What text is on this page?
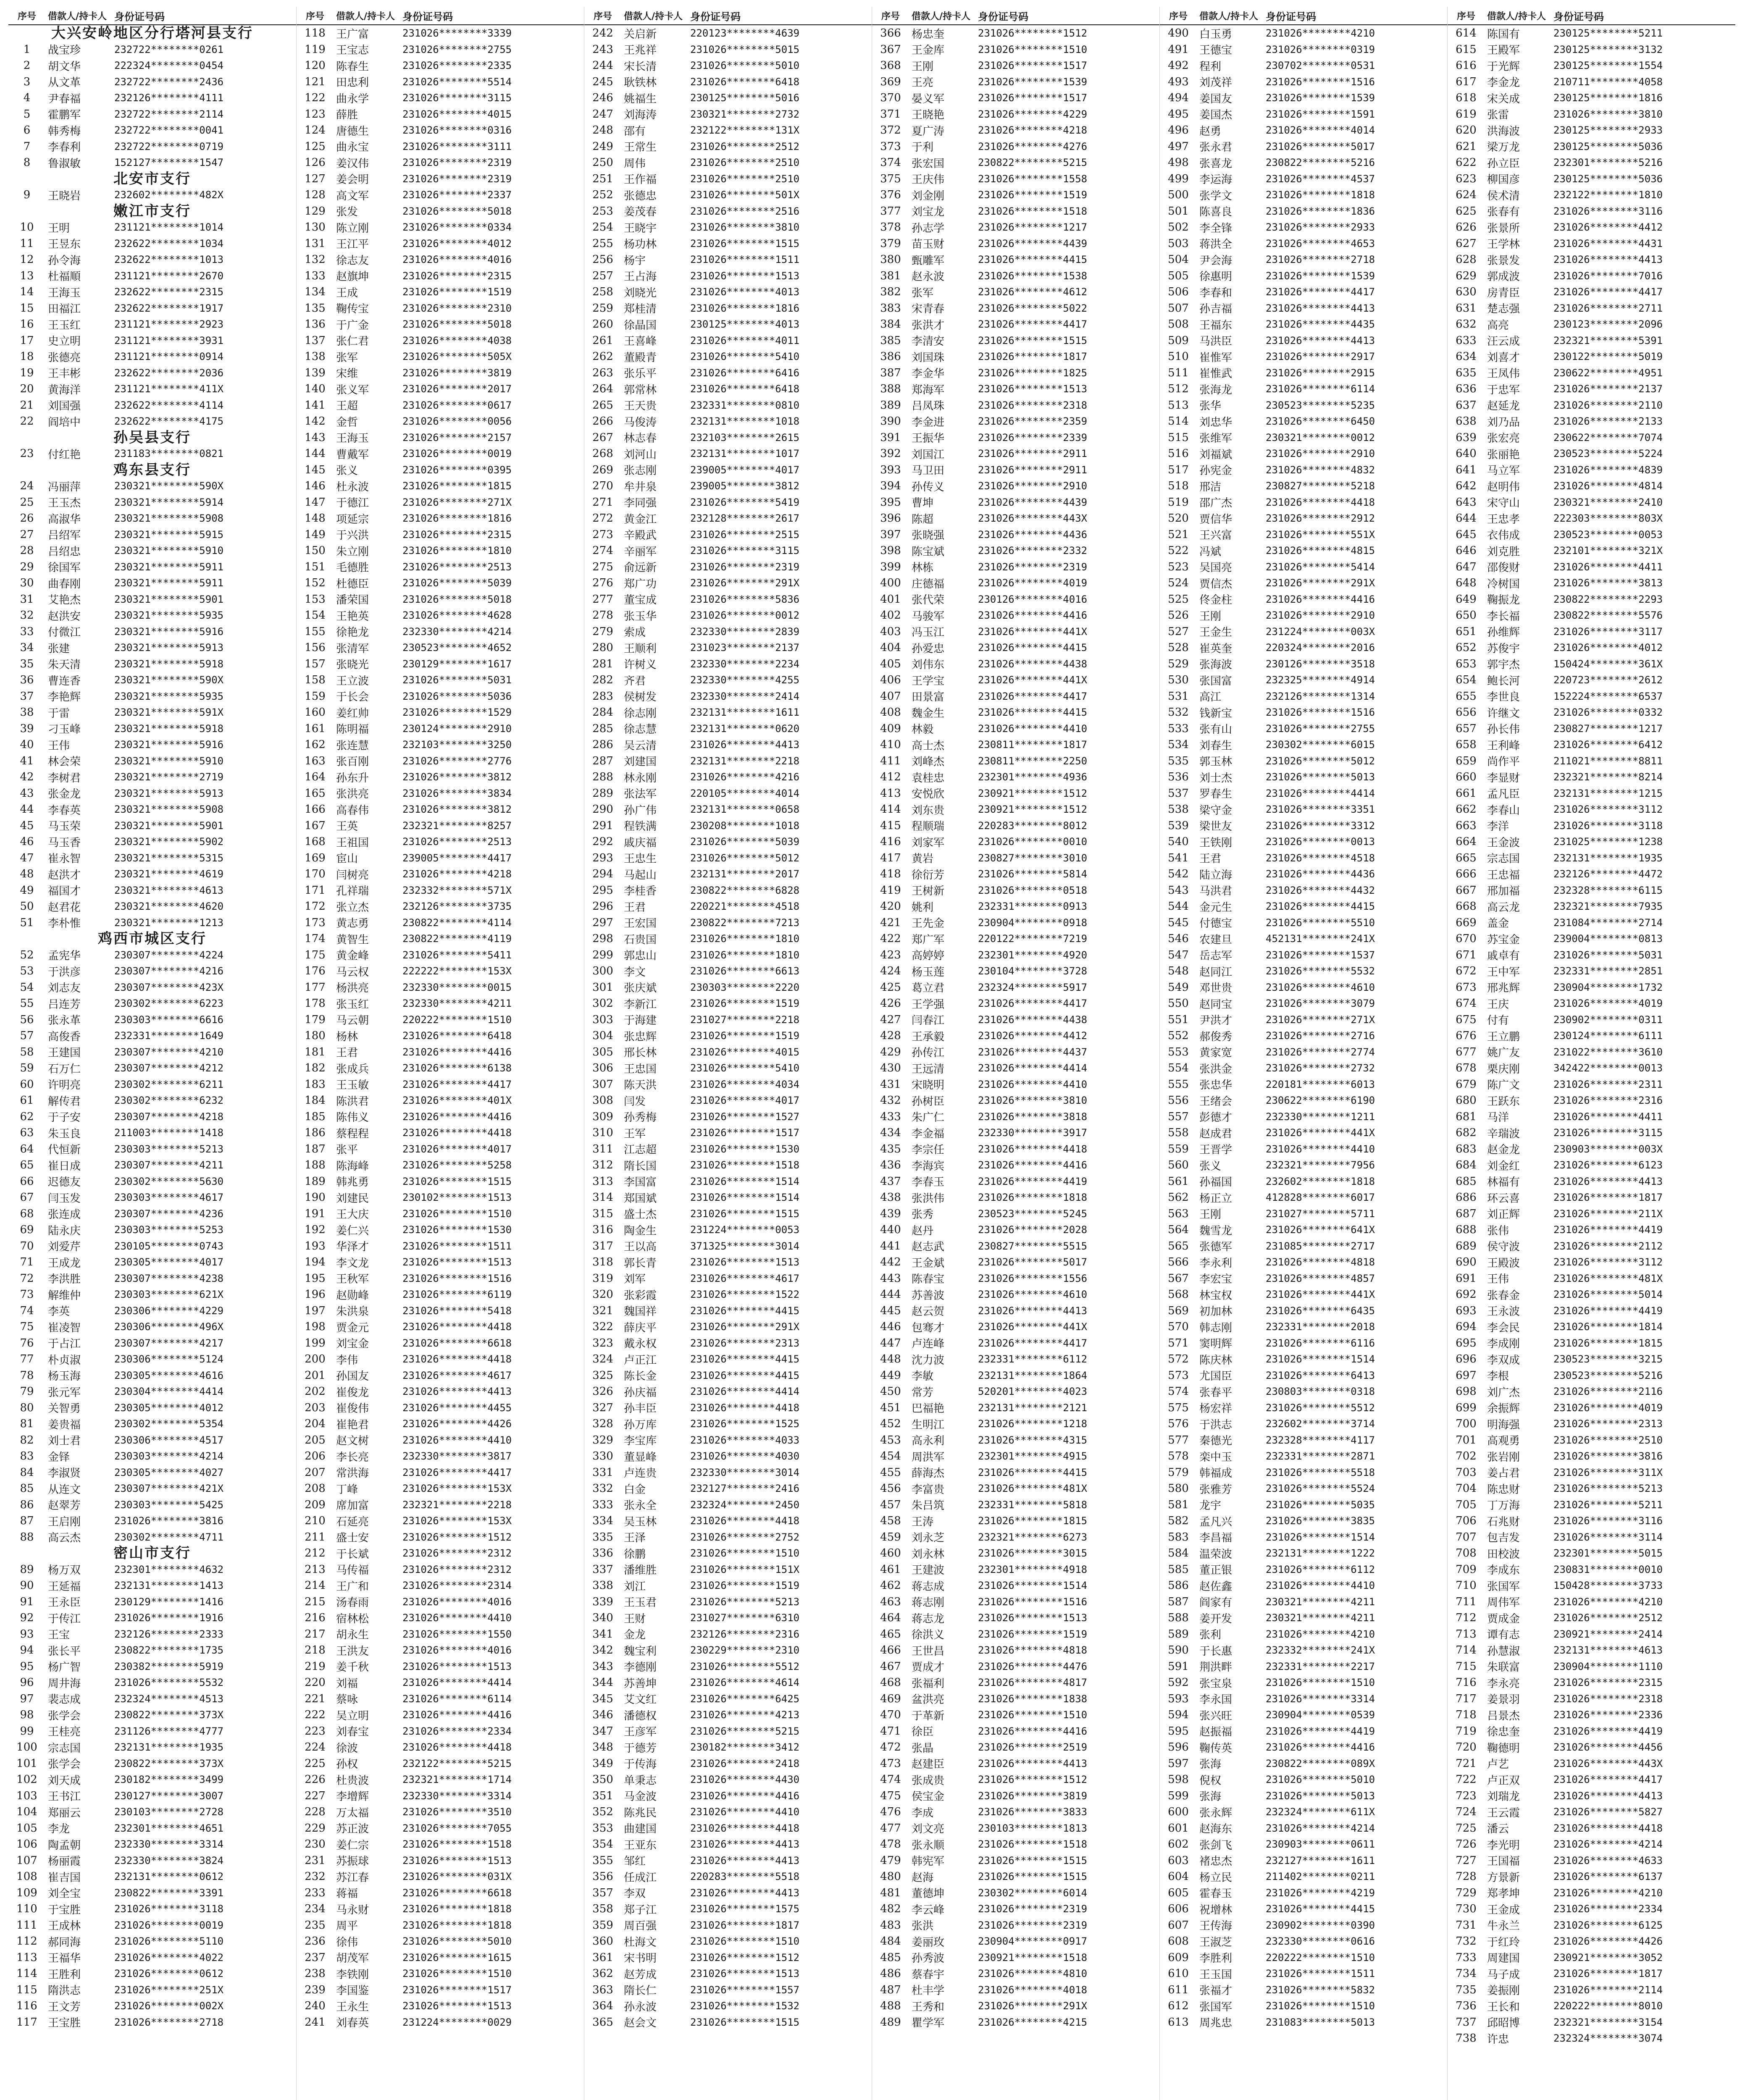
序号	借款人/持卡人 身份证号码
大兴安岭地区分行塔河县支行
1	战宝珍	232722********0261
2	胡文华	222324********0454
3	从文革	232722********2436
4	尹春福	232126********4111
5	霍鹏军	232722********2114
6	韩秀梅	232722********0041
7	李春利	232722********0719
8	鲁淑敏	152127********1547
北安市支行
9	王晓岩	232602********482X
嫩江市支行
10	王明	231121********1014
11	王昱东	232622********1034
12	孙令海	232622********1013
13	杜福順	231121********2670
14	王海玉	232622********2315
15	田福江	232622********1917
16	王玉红	231121********2923
17	史立明	231121********3931
18	张德亮	231121********0914
19	王丰彬	232622********2036
20	黄海洋	231121********411X
21	刘国强	232622********4114
22	阎培中	232622********4175
孙吴县支行
23	付红艳	231183********0821
鸡东县支行
24	冯丽萍	230321********590X
25	王玉杰	230321********5914
26	高淑华	230321********5908
27	吕绍军	230321********5915
28	吕绍忠	230321********5910
29	徐国军	230321********5911
30	曲春刚	230321********5911
31	艾艳杰	230321********5901
32	赵洪安	230321********5935
33	付微江	230321********5916
34	张建	230321********5913
35	朱天清	230321********5918
36	曹连香	230321********590X
37	李艳辉	230321********5935
38	于雷	230321********591X
39	刁玉峰	230321********5918
40	王伟	230321********5916
41	林会荣	230321********5910
42	李树君	230321********2719
43	张金龙	230321********5913
44	李春英	230321********5908
45	马玉荣	230321********5901
46	马玉香	230321********5902
47	崔永智	230321********5315
48	赵洪才	230321********4619
49	福国才	230321********4613
50	赵君花	230321********4620
51	李朴惟	230321********1213
鸡西市城区支行
52	孟宪华	230307********4224
53	于洪彦	230307********4216
54	刘志友	230307********423X
55	吕连芳	230302********6223
56	张永革	230303********6616
57	高俊香	232331********1649
58	王建国	230307********4210
59	石万仁	230307********4212
60	许明亮	230302********6211
61	解传君	230302********6232
62	于子安	230307********4218
63	朱玉良	211003********1418
64	代恒新	230303********5213
65	崔日成	230307********4211
66	迟德友	230302********5630
67	闫玉发	230303********4617
68	张连成	230307********4236
69	陆永庆	230303********5253
70	刘爱芹	230105********0743
71	王成龙	230305********4017
72	李洪胜	230307********4238
73	解维仲	230303********621X
74	李英	230306********4229
75	崔凌智	230306********496X
76	于占江	230307********4217
77	朴贞淑	230306********5124
78	杨玉海	230305********4616
79	张元军	230304********4414
80	关智勇	230305********4012
81	姜贵福	230302********5354
82	刘士君	230306********4517
83	金铎	230303********4214
84	李淑贤	230305********4027
85	从连文	230307********421X
86	赵翠芳	230303********5425
87	王启刚	231026********3816
88	高云杰	230302********4711
密山市支行
89	杨万双	232301********4632
90	王延福	232131********1413
91	王永臣	230129********1416
92	于传江	231026********1916
93	王宝	232126********2333
94	张长平	230822********1735
95	杨广智	230382********5919
96	周井海	231026********5532
97	裴志成	232324********4513
98	张学会	230822********373X
99	王桂亮	231126********4777
100 宗志国	232131********1935
101 张学会	230822********373X
102 刘天成	230182********3499
103 王书江	230127********3007
104 郑丽云	230103********2728
105 李龙	232301********4651
106 陶孟朝	232330********3314
107 杨丽霞	232330********3824
108 崔吉国	232131********0612
109 刘全宝	230822********3391
110 于宝胜	231026********3118
111 王成林	231026********0019
112 郝同海	231026********5110
113 王福华	231026********4022
114 王胜利	231026********0612
115 隋洪志	231026********251X
116 王文芳	231026********002X
117 王宝胜	231026********2718
序号	借款人/持卡人 身份证号码
118 王广富	231026********3339
119 王宝志	231026********2755
120 陈春生	231026********2335
121 田忠利	231026********5514
122 曲永学	231026********3115
123 薛胜	231026********4015
124 唐德生	231026********0316
125 曲永宝	231026********3111
126 姜汉伟	231026********2319
127 姜会明	231026********2319
128 高文军	231026********2337
129 张发	231026********5018
130 陈立刚	231026********0334
131 王江平	231026********4012
132 徐志友	231026********4016
133 赵旗坤	231026********2315
134 王成	231026********1519
135 鞠传宝	231026********2310
136 于广金	231026********5018
137 张仁君	231026********4038
138 张军	231026********505X
139 宋维	231026********3819
140 张义军	231026********2017
141 王超	231026********0617
142 金哲	231026********0056
143 王海玉	231026********2157
144 曹戴军	231026********0019
145 张义	231026********0395
146 杜永波	231026********1815
147 于德江	231026********271X
148 项延宗	231026********1816
149 于兴洪	231026********2315
150 朱立刚	231026********1810
151 毛德胜	231026********2513
152 杜德臣	231026********5039
153 潘荣国	231026********5018
154 王艳英	231026********4628
155 徐艳龙	232330********4214
156 张清军	230523********4652
157 张晓光	230129********1617
158 王立波	231026********5031
159 于长会	231026********5036
160 姜红帅	231026********1529
161 陈明福	230124********2910
162 张连慧	232103********3250
163 张百刚	231026********2776
164 孙东升	231026********3812
165 张洪亮	231026********3834
166 高春伟	231026********3812
167 王英	232321********8257
168 王祖国	231026********2513
169 宦山	239005********4417
170 闫树亮	231026********4218
171 孔祥瑞	232332********571X
172 张立杰	232126********3735
173 黄志勇	230822********4114
174 黄智生	230822********4119
175 黄金峰	231026********5411
176 马云权	222222********153X
177 杨洪亮	232330********0015
178 张玉红	232330********4211
179 马云朝	220222********1510
180 杨林	231026********6418
181 王君	231026********4416
182 张成兵	231026********6138
183 王玉敏	231026********4417
184 陈洪君	231026********401X
185 陈伟义	231026********4416
186 蔡程程	231026********4418
187 张平	231026********4017
188 陈海峰	231026********5258
189 韩兆勇	231026********1515
190 刘建民	230102********1513
191 王大庆	231026********1510
192 姜仁兴	231026********1530
193 华泽才	231026********1511
194 李文龙	231026********1513
195 王秋军	231026********1516
196 赵勋峰	231026********6119
197 朱洪泉	231026********5418
198 贾金元	231026********4418
199 刘宝金	231026********6618
200 李伟	231026********4418
201 孙国友	231026********4617
202 崔俊龙	231026********4413
203 崔俊伟	231026********4455
204 崔艳君	231026********4426
205 赵文树	231026********4410
206 李长亮	232330********3817
207 常洪海	231026********4417
208 丁峰	231026********153X
209 席加富	232321********2218
210 石延亮	231026********153X
211 盛士安	231026********1512
212 于长斌	231026********2312
213 马传福	231026********2312
214 王广和	231026********2314
215 汤春雨	231026********4016
216 宿林松	231026********4410
217 胡永生	231026********1550
218 王洪友	231026********4016
219 姜千秋	231026********1513
220 刘福	231026********4414
221 蔡咏	231026********6114
222 吴立明	231026********4416
223 刘春宝	231026********2334
224 徐波	231026********4418
225 孙权	232122********5215
226 杜贵波	232321********1714
227 李增辉	232330********3314
228 万太福	231026********3510
229 苏正波	231026********7055
230 姜仁宗	231026********1518
231 苏振球	231026********1513
232 苏江春	231026********031X
233 蒋福	231026********6618
234 马永财	231026********1818
235 周平	231026********1818
236 徐伟	231026********5010
237 胡茂军	231026********1615
238 李铁刚	231026********1510
239 李国鉴	231026********1517
240 王永生	231026********1513
241 刘春英	231224********0029
序号	借款人/持卡人 身份证号码
242 关启新	220123********4639
243 王兆祥	231026********5015
244 宋长清	231026********5010
245 耿铁林	231026********6418
246 姚福生	230125********5016
247 刘海涛	230321********2732
248 邵有	232122********131X
249 王常生	231026********2512
250 周伟	231026********2510
251 王作福	231026********2510
252 张德忠	231026********501X
253 姜茂春	231026********2516
254 王晓宇	231026********3810
255 杨功林	231026********1515
256 杨宇	231026********1511
257 王占海	231026********1513
258 刘晓光	231026********4013
259 郑桂清	231026********1816
260 徐晶国	230125********4013
261 王喜峰	231026********4011
262 董殿青	231026********5410
263 张乐平	231026********6416
264 郭常林	231026********6418
265 王天贵	232331********0810
266 马俊涛	232131********1018
267 林志春	232103********2615
268 刘河山	232131********1017
269 张志刚	239005********4017
270 牟井泉	239005********3812
271 李同强	231026********5419
272 黄金江	232128********2617
273 辛殿武	231026********2515
274 辛丽军	231026********3115
275 俞远新	231026********2319
276 郑广功	231026********291X
277 董宝成	231026********5836
278 张玉华	231026********0012
279 索成	232330********2839
280 王顺利	231023********2137
281 许树义	232330********2234
282 齐君	232330********4255
283 侯树发	232330********2414
284 徐志刚	232131********1611
285 徐志慧	232131********0620
286 吴云清	231026********4413
287 刘建国	232131********2218
288 林永刚	231026********4216
289 张法军	220105********4014
290 孙广伟	232131********0658
291 程铁满	230208********1018
292 戚庆福	231026********5039
293 王忠生	231026********5012
294 马起山	232131********2017
295 李桂香	230822********6828
296 王君	220221********4518
297 王宏国	230822********7213
298 石贵国	231026********1810
299 郭忠山	231026********1810
300 李文	231026********6613
301 张庆斌	230303********2220
302 李新江	231026********1519
303 于海建	231027********2218
304 张忠辉	231026********1519
305 邢长林	231026********4015
306 王忠国	231026********5410
307 陈天洪	231026********4034
308 闫发	231026********4017
309 孙秀梅	231026********1527
310 王军	231026********1517
311 江志超	231026********1530
312 隋长国	231026********1518
313 李国富	231026********1514
314 郑国斌	231026********1514
315 盛士杰	231026********1515
316 陶金生	231224********0053
317 王以高	371325********3014
318 郭长青	231026********1513
319 刘军	231026********4617
320 张彩霞	231026********1522
321 魏国祥	231026********4415
322 薛庆平	231026********291X
323 戴永权	231026********2313
324 卢正江	231026********4415
325 陈长金	231026********4415
326 孙庆福	231026********4414
327 孙丰臣	231026********4418
328 孙万库	231026********1525
329 李宝库	231026********4033
330 董显峰	231026********4030
331 卢连贵	232330********3014
332 白金	232127********2416
333 张永全	232324********2450
334 吴玉林	231026********4418
335 王泽	231026********2752
336 徐鹏	231026********1510
337 潘维胜	231026********151X
338 刘江	231026********1519
339 王玉君	231026********5213
340 王财	231027********6310
341 金龙	232126********2316
342 魏宝利	230229********2310
343 李德刚	231026********5512
344 苏善坤	231026********4614
345 艾文红	231026********6425
346 潘德权	231026********4213
347 王彦军	231026********5215
348 于德芳	230182********3412
349 于传海	231026********2418
350 单秉志	231026********4430
351 马金波	231026********4416
352 陈兆民	231026********4410
353 曲建国	231026********4418
354 王亚东	231026********4413
355 邹红	231026********4413
356 任成江	220283********5518
357 李双	231026********4413
358 郑子江	231026********1575
359 周百强	231026********1817
360 杜海文	231026********1510
361 宋书明	231026********1512
362 赵芳成	231026********1513
363 隋长仁	231026********1557
364 孙永波	231026********1532
365 赵会文	231026********1515
序号	借款人/持卡人 身份证号码
366 杨忠奎	231026********1512
367 王金库	231026********1510
368 王刚	231026********1517
369 王亮	231026********1539
370 晏义军	231026********1517
371 王晓艳	231026********4229
372 夏广涛	231026********4218
373 于利	231026********4276
374 张宏国	230822********5215
375 王庆伟	231026********1558
376 刘金刚	231026********1519
377 刘宝龙	231026********1518
378 孙志学	231026********1217
379 苗玉财	231026********4439
380 甄雕军	231026********4415
381 赵永波	231026********1538
382 张军	231026********4612
383 宋青春	231026********5022
384 张洪才	231026********4417
385 李清安	231026********1515
386 刘国珠	231026********1817
387 李金华	231026********1825
388 郑海军	231026********1513
389 吕凤珠	231026********2318
390 李金进	231026********2359
391 王振华	231026********2339
392 刘国江	231026********2911
393 马卫田	231026********2911
394 孙传义	231026********2910
395 曹坤	231026********4439
396 陈超	231026********443X
397 张晓强	231026********4436
398 陈宝斌	231026********2332
399 林栋	231026********2319
400 庄德福	231026********4019
401 张代荣	230126********4016
402 马骏军	231026********4416
403 冯玉江	231026********441X
404 孙爱忠	231026********4415
405 刘伟东	231026********4438
406 王学宝	231026********441X
407 田景富	231026********4417
408 魏金生	231026********4415
409 林毅	231026********4410
410 高士杰	230811********1817
411 刘峰杰	230811********2250
412 袁桂忠	232301********4936
413 安悦欣	230921********1512
414 刘东贵	230921********1512
415 程顺瑞	220283********8012
416 刘家军	231026********0010
417 黄岩	230827********3010
418 徐衍芳	231026********5814
419 王树新	231026********0518
420 姚利	232331********0913
421 王先金	230904********0918
422 郑广军	220122********7219
423 高婷婷	232301********4920
424 杨玉莲	230104********3728
425 葛立君	232324********5917
426 王学强	231026********4417
427 闫春江	231026********4438
428 王承毅	231026********4412
429 孙传江	231026********4437
430 王远清	231026********4414
431 宋晓明	231026********4410
432 孙树臣	231026********3810
433 朱广仁	231026********3818
434 李金福	232330********3917
435 李宗任	231026********4418
436 李海宾	231026********4416
437 李春玉	231026********4419
438 张洪伟	231026********1818
439 张秀	230523********5245
440 赵丹	231026********2028
441 赵志武	230827********5515
442 王金斌	231026********5017
443 陈春宝	231026********1556
444 苏善波	231026********4610
445 赵云贺	231026********4413
446 包骞才	231026********441X
447 卢连峰	231026********4417
448 沈力波	232331********6112
449 李敏	232131********1864
450 常芳	520201********4023
451 巴福艳	232131********2121
452 生明江	231026********1218
453 高永利	231026********4315
454 周洪军	232301********4915
455 薛海杰	231026********4415
456 李富贵	231026********481X
457 朱吕筑	232331********5818
458 王涛	231026********1815
459 刘永芝	232321********6273
460 刘永林	231026********3015
461 王建波	232301********4918
462 蒋志成	231026********1514
463 蒋志刚	231026********1516
464 蒋志龙	231026********1513
465 徐洪义	231026********1519
466 王世昌	231026********4818
467 贾成才	231026********4476
468 张福利	231026********4817
469 盆洪亮	231026********1838
470 于革新	231026********1510
471 徐臣	231026********4416
472 张晶	231026********2519
473 赵建臣	231026********4413
474 张成贵	231026********1512
475 侯宝金	231026********3819
476 李成	231026********3833
477 刘文亮	230103********1813
478 张永顺	231026********1518
479 韩宪军	231026********1515
480 赵海	231026********1515
481 董德坤	230302********6014
482 李云峰	231026********2319
483 张洪	231026********2319
484 姜丽玫	230904********0917
485 孙秀波	230921********1518
486 蔡春宇	231026********4810
487 杜丰学	231026********4018
488 王秀和	231026********291X
489 瞿学军	231026********4215
序号	借款人/持卡人 身份证号码
490 白玉勇	231026********4210
491 王德宝	231026********0319
492 程利	230702********0531
493 刘茂祥	231026********1516
494 姜国友	231026********1539
495 姜国杰	231026********1591
496 赵勇	231026********4014
497 张永君	231026********5017
498 张喜龙	230822********5216
499 李运海	231026********4537
500 张学文	231026********1818
501 陈喜良	231026********1836
502 李全锋	231026********2933
503 蒋洪全	231026********4653
504 尹会海	231026********2718
505 徐惠明	231026********1539
506 李春和	231026********4417
507 孙吉福	231026********4413
508 王福东	231026********4435
509 马洪臣	231026********4413
510 崔惟军	231026********2917
511 崔惟武	231026********2915
512 张海龙	231026********6114
513 张华	230523********5235
514 刘忠华	231026********6450
515 张维军	230321********0012
516 刘福斌	231026********2910
517 孙宪金	231026********4832
518 邢洁	230827********5218
519 邵广杰	231026********4418
520 贾信华	231026********2912
521 王兴富	231026********551X
522 冯斌	231026********4815
523 吴国亮	231026********5414
524 贾信杰	231026********291X
525 佟金柱	231026********4416
526 王刚	231026********2910
527 王金生	231224********003X
528 崔英奎	220324********2016
529 张海波	230126********3518
530 张国富	232325********4914
531 高江	232126********1314
532 钱新宝	231026********1516
533 张有山	231026********2755
534 刘春生	230302********6015
535 郭玉林	231026********5012
536 刘士杰	231026********5013
537 罗春生	231026********4414
538 梁守金	231026********3351
539 梁世友	231026********3312
540 王铁刚	231026********0013
541 王君	231026********4518
542 陆立海	231026********4436
543 马洪君	231026********4432
544 金元生	231026********4415
545 付德宝	231026********5510
546 农建旦	452131********241X
547 岳志军	231026********1537
548 赵同江	231026********5532
549 邓世贵	231026********4610
550 赵同宝	231026********3079
551 尹洪才	231026********271X
552 郝俊秀	231026********2716
553 黄家宽	231026********2774
554 张洪金	231026********2732
555 张忠华	220181********6013
556 王绪会	230622********6190
557 彭德才	232330********1211
558 赵成君	231026********441X
559 王晋学	231026********4410
560 张义	232321********7956
561 孙福国	232602********1818
562 杨正立	412828********6017
563 王刚	231027********5711
564 魏雪龙	231026********641X
565 张德军	231085********2717
566 李永利	231026********4818
567 李宏宝	231026********4857
568 林宝权	231026********441X
569 初加林	231026********6435
570 韩志刚	232331********2018
571 窦明辉	231026********6116
572 陈庆林	231026********1514
573 尤国臣	231026********6413
574 张春平	230803********0318
575 杨宏祥	231026********5512
576 于洪志	232602********3714
577 秦德光	232328********4117
578 栾中玉	232331********2871
579 韩福成	231026********5518
580 张雅芳	231026********5524
581 龙宇	231026********5035
582 孟凡兴	231026********3835
583 李昌福	231026********1514
584 温荣波	232131********1222
585 董正银	231026********6112
586 赵佐鑫	231026********4410
587 阎家有	230321********4211
588 姜开发	230321********4211
589 张利	231026********4210
590 于长惠	232332********241X
591 荆洪畔	232331********2217
592 张宝泉	231026********1510
593 李永国	231026********3314
594 张兴旺	230904********0539
595 赵振福	231026********4419
596 鞠传英	231026********4416
597 张海	230822********089X
598 倪权	231026********5010
599 张海	231026********5013
600 张永辉	232324********611X
601 赵海东	231026********4214
602 张剑飞	230903********0611
603 褚忠杰	232127********1611
604 杨立民	211402********0211
605 霍春玉	231026********4219
606 祝增林	231026********4415
607 王传海	230902********0390
608 王淑芝	232330********0616
609 李胜利	220222********1510
610 王玉国	231026********1511
611 张福才	231026********5832
612 张国军	231026********1510
613 周兆忠	231083********5013
序号	借款人/持卡人 身份证号码
614 陈国有	230125********5211
615 王殿军	230125********3132
616 于光辉	230125********1554
617 李金龙	210711********4058
618 宋关成	230125********1816
619 张雷	231026********3810
620 洪海波	230125********2933
621 梁万龙	230125********5036
622 孙立臣	232301********5216
623 柳国彦	230125********5036
624 侯术清	232122********1810
625 张春有	231026********3116
626 张景所	231026********4412
627 王学林	231026********4431
628 张景发	231026********4413
629 郭成波	231026********7016
630 房青臣	231026********4417
631 楚志强	231026********2711
632 高亮	230123********2096
633 汪云成	232321********5391
634 刘喜才	230122********5019
635 王凤伟	230622********4951
636 于忠军	231026********2137
637 赵延龙	231026********2110
638 刘乃品	231026********2133
639 张宏亮	230622********7074
640 张丽艳	230523********5224
641 马立军	231026********4839
642 赵明伟	231026********4814
643 宋守山	230321********2410
644 王忠孝	222303********803X
645 衣伟成	230523********0053
646 刘克胜	232101********321X
647 邵俊财	231026********4411
648 冷树国	231026********3813
649 鞠振龙	230822********2293
650 李长福	230822********5576
651 孙维辉	231026********3117
652 苏俊宇	231026********4012
653 郭宇杰	150424********361X
654 鲍长河	220723********2612
655 李世良	152224********6537
656 许继文	231026********0332
657 孙长伟	230827********1217
658 王利峰	231026********6412
659 尚作平	211021********8811
660 李显财	232321********8214
661 孟凡臣	232131********1215
662 李春山	231026********3112
663 李洋	231026********3118
664 王金波	231025********1238
665 宗志国	232131********1935
666 王忠福	232126********4472
667 邢加福	232328********6115
668 高云龙	232321********7935
669 盖金	231084********2714
670 苏宝金	239004********0813
671 戚卓有	231026********5031
672 王中军	232331********2851
673 邢兆辉	230904********1732
674 王庆	231026********4019
675 付有	230902********0311
676 王立鹏	230124********6111
677 姚广友	231022********3610
678 栗庆刚	342422********0013
679 陈广文	231026********2311
680 王跃东	231026********2316
681 马洋	231026********4411
682 辛瑞波	231026********3115
683 赵金龙	230903********003X
684 刘金红	231026********6123
685 林福有	231026********4413
686 环云喜	231026********1817
687 刘正辉	231026********211X
688 张伟	231026********4419
689 侯守波	231026********2112
690 王殿波	231026********3112
691 王伟	231026********481X
692 张春金	231026********5014
693 王永波	231026********4419
694 李会民	231026********1814
695 李成刚	231026********1815
696 李双成	230523********3215
697 李根	230523********5216
698 刘广杰	231026********2116
699 余振辉	231026********4019
700 明海强	231026********2313
701 高观勇	231026********2510
702 张岩刚	231026********3816
703 姜占君	231026********311X
704 陈忠财	231026********5213
705 丁万海	231026********5211
706 石兆财	231026********3116
707 包吉发	231026********3114
708 田校波	232301********5015
709 李成东	230831********0010
710 张国军	150428********3733
711 周伟军	231026********4210
712 贾成金	231026********2512
713 谭有志	230921********2414
714 孙慧淑	232131********4613
715 朱联富	230904********1110
716 李永亮	231026********2315
717 姜景羽	231026********2318
718 吕景杰	231026********2336
719 徐忠奎	231026********4419
720 鞠德明	231026********4456
721 卢艺	231026********443X
722 卢正双	231026********4417
723 刘瑞龙	231026********4413
724 王云霞	231026********5827
725 潘云	231026********4418
726 李光明	231026********4214
727 王国福	231026********4633
728 方景新	231026********6137
729 郑孝坤	231026********4210
730 王金成	231026********2334
731 牛永兰	231026********6125
732 于红玲	231026********4426
733 周建国	230921********3052
734 马子成	231026********1817
735 姜振刚	231026********2114
736 王长和	220222********8010
737 邱昭博	232321********3154
738 许忠	232324********3074
